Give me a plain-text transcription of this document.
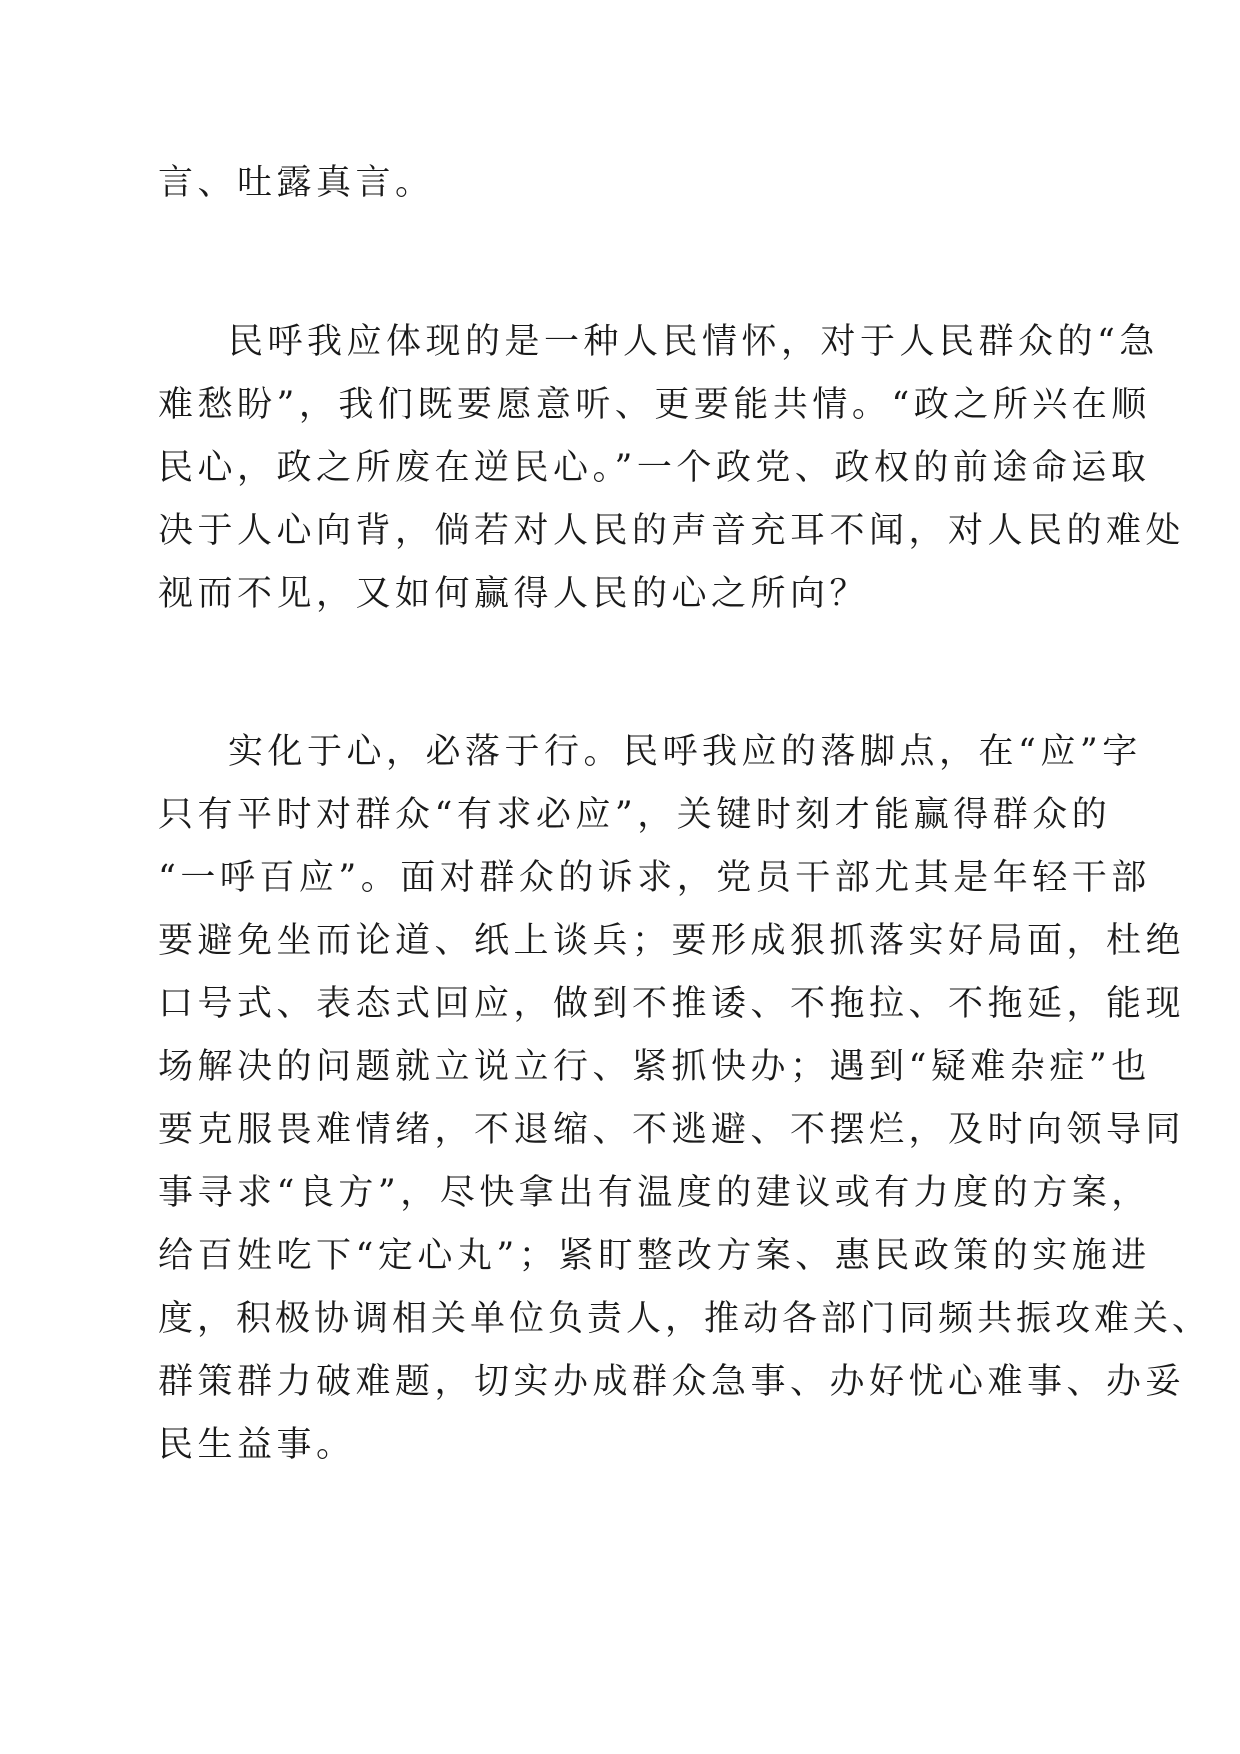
言、吐露真言。
民呼我应体现的是一种人民情怀，对于人民群众的“急
难愁盼”，我们既要愿意听、更要能共情。“政之所兴在顺
民心，政之所废在逆民心。”一个政党、政权的前途命运取
决于人心向背，倘若对人民的声音充耳不闻，对人民的难处
视而不见，又如何赢得人民的心之所向？
实化于心，必落于行。民呼我应的落脚点，在“应”字
只有平时对群众“有求必应”，关键时刻才能赢得群众的
“一呼百应”。面对群众的诉求，党员干部尤其是年轻干部
要避免坐而论道、纸上谈兵；要形成狠抓落实好局面，杜绝
口号式、表态式回应，做到不推诿、不拖拉、不拖延，能现
场解决的问题就立说立行、紧抓快办；遇到“疑难杂症”也
要克服畏难情绪，不退缩、不逃避、不摆烂，及时向领导同
事寻求“良方”，尽快拿出有温度的建议或有力度的方案，
给百姓吃下“定心丸”；紧盯整改方案、惠民政策的实施进
度，积极协调相关单位负责人，推动各部门同频共振攻难关、
群策群力破难题，切实办成群众急事、办好忧心难事、办妥
民生益事。
